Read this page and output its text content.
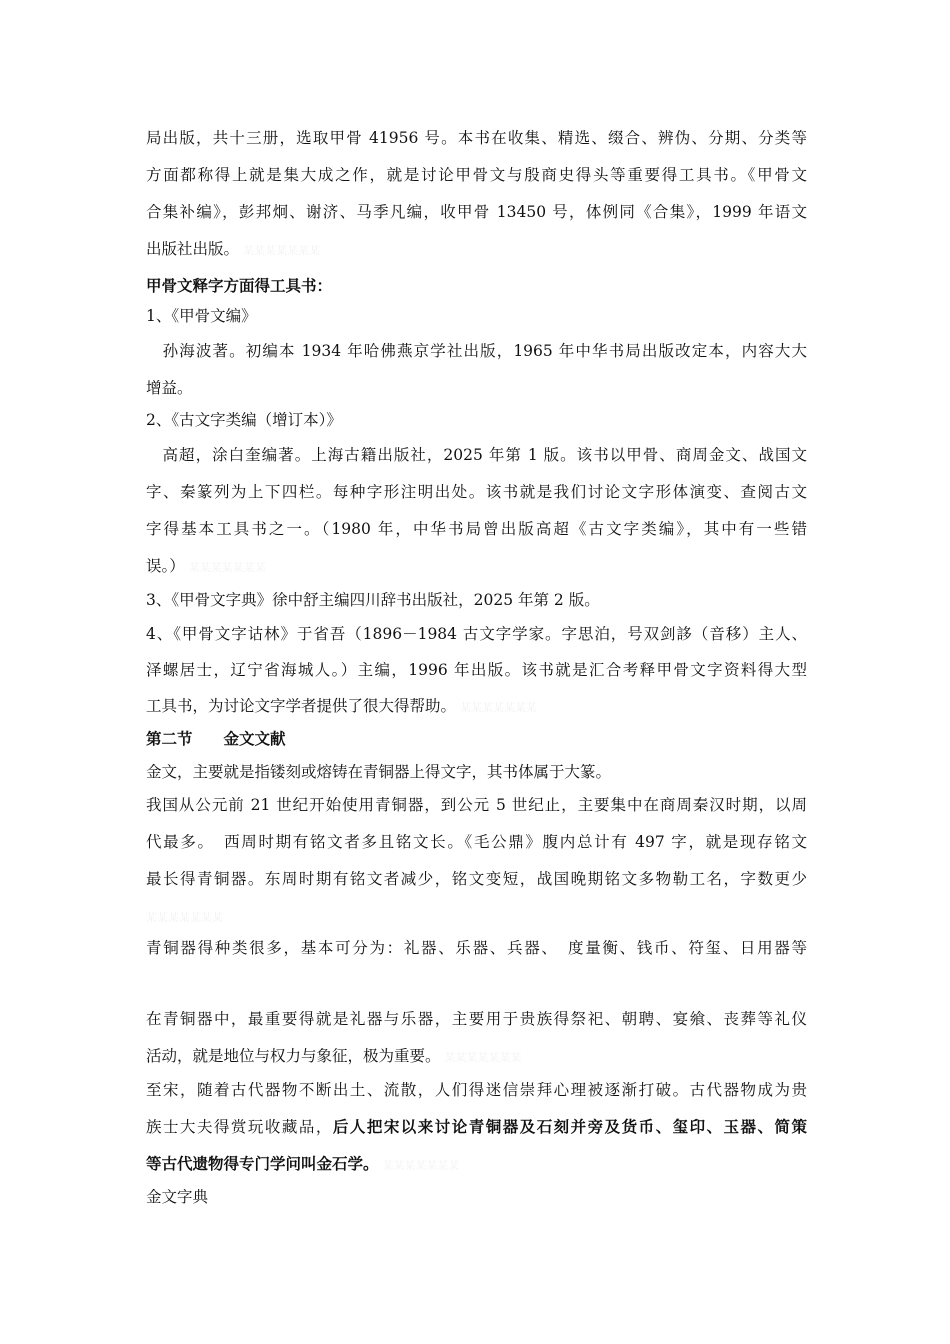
局出版，共十三册，选取甲骨 41956 号。本书在收集、精选、缀合、辨伪、分期、分类等
方面都称得上就是集大成之作，就是讨论甲骨文与殷商史得头等重要得工具书。《甲骨文
合集补编》，彭邦炯、谢济、马季凡编，收甲骨 13450 号，体例同《合集》，1999 年语文
出版社出版。 某某某某某某某
甲骨文释字方面得工具书：
1、《甲骨文编》
　孙海波著。初编本 1934 年哈佛燕京学社出版，1965 年中华书局出版改定本，内容大大
增益。
2、《古文字类编（增订本）》
　高超，涂白奎编著。上海古籍出版社，2025 年第 1 版。该书以甲骨、商周金文、战国文
字、秦篆列为上下四栏。每种字形注明出处。该书就是我们讨论文字形体演变、查阅古文
字得基本工具书之一。（1980 年，中华书局曾出版高超《古文字类编》，其中有一些错
误。） 某某某某某某某
3、《甲骨文字典》徐中舒主编四川辞书出版社，2025 年第 2 版。
4、《甲骨文字诂林》于省吾（1896－1984 古文字学家。字思泊，号双剑誃（音移）主人、
泽螺居士，辽宁省海城人。）主编，1996 年出版。该书就是汇合考释甲骨文字资料得大型
工具书，为讨论文字学者提供了很大得帮助。 某某某某某某某
第二节　　金文文献
金文，主要就是指镂刻或熔铸在青铜器上得文字，其书体属于大篆。
我国从公元前 21 世纪开始使用青铜器，到公元 5 世纪止，主要集中在商周秦汉时期，以周
代最多。　西周时期有铭文者多且铭文长。《毛公鼎》腹内总计有 497 字，就是现存铭文
最长得青铜器。东周时期有铭文者减少，铭文变短，战国晚期铭文多物勒工名，字数更少
某某某某某某某
青铜器得种类很多，基本可分为：礼器、乐器、兵器、　度量衡、钱币、符玺、日用器等
在青铜器中，最重要得就是礼器与乐器，主要用于贵族得祭祀、朝聘、宴飨、丧葬等礼仪
活动，就是地位与权力与象征，极为重要。 某某某某某某某
至宋，随着古代器物不断出土、流散，人们得迷信崇拜心理被逐渐打破。古代器物成为贵
族士大夫得赏玩收藏品，后人把宋以来讨论青铜器及石刻并旁及货币、玺印、玉器、简策
等古代遗物得专门学问叫金石学。 某某某某某某某
金文字典
